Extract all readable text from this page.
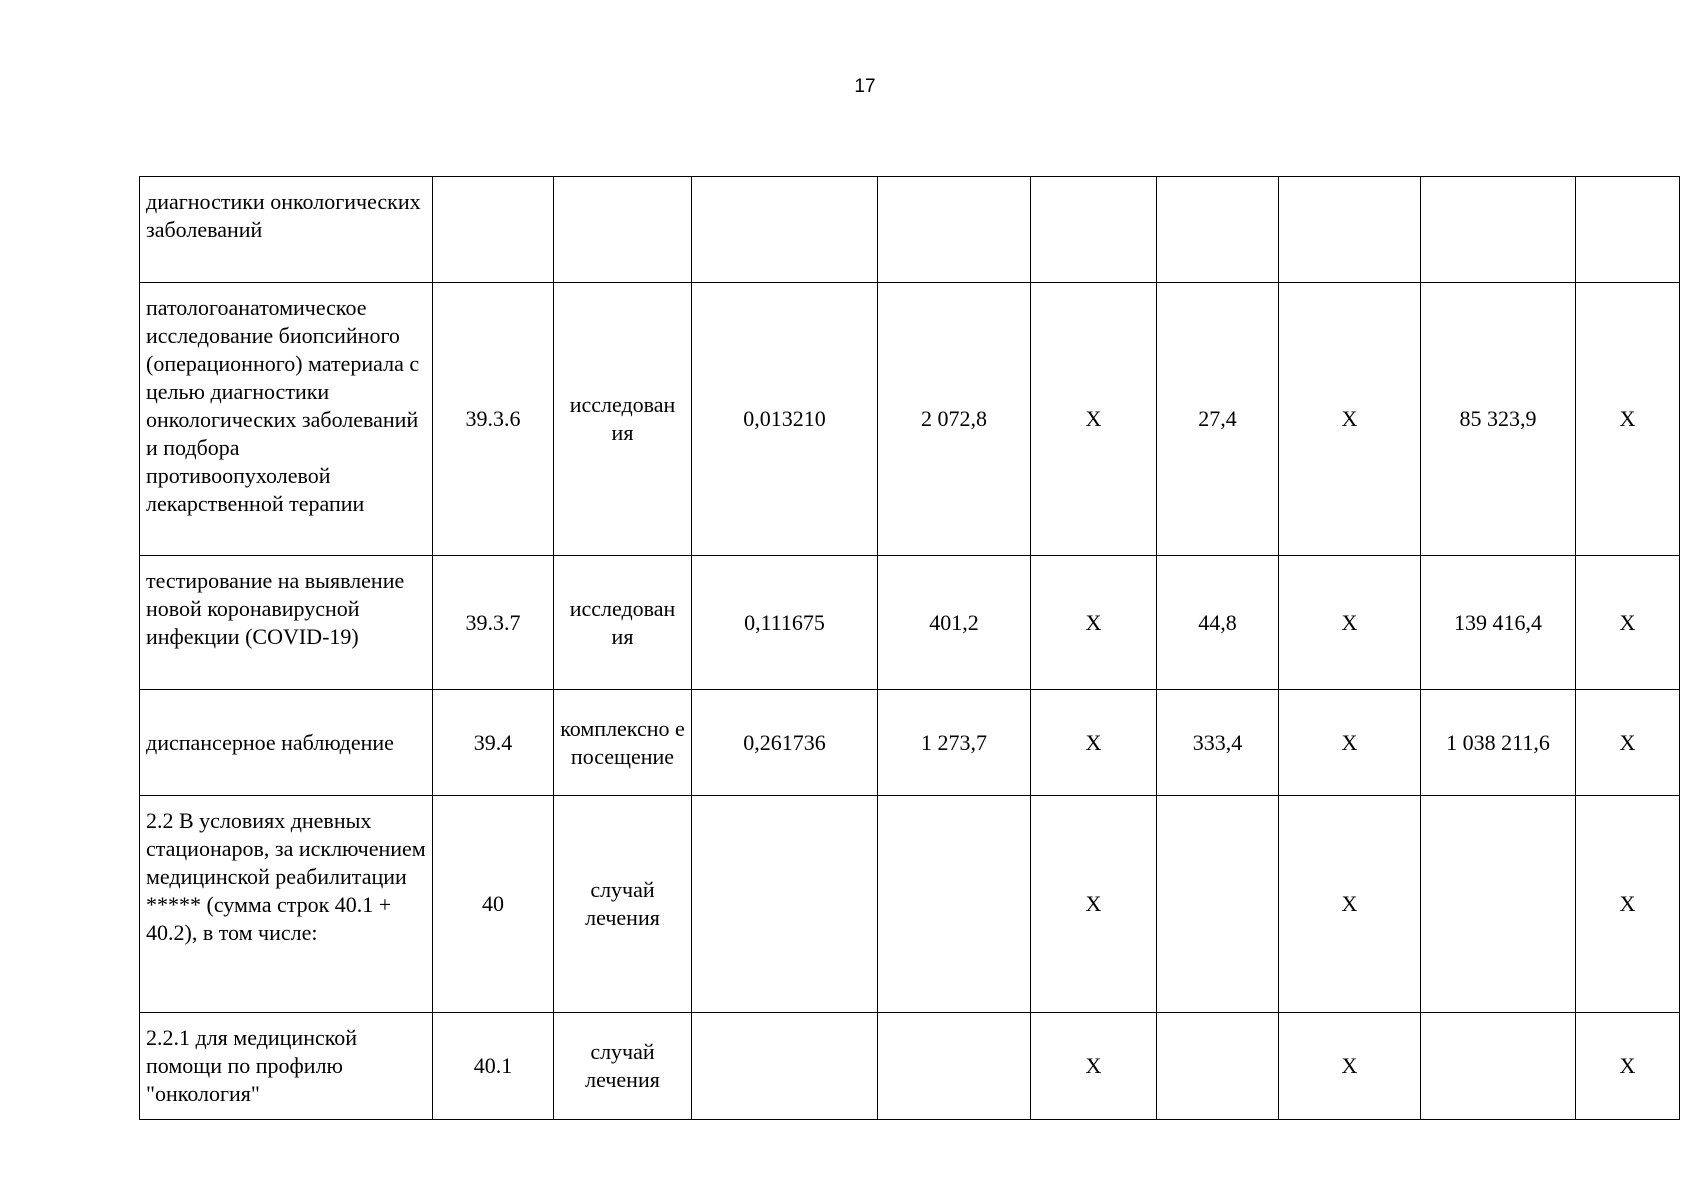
17
диагностики онкологических заболеваний									
патологоанатомическое исследование биопсийного (операционного) материала с целью диагностики онкологических заболеваний и подбора противоопухолевой лекарственной терапии	39.3.6	исследован ия	0,013210	2 072,8	Х	27,4	Х	85 323,9	Х
тестирование на выявление новой коронавирусной инфекции (COVID-19)	39.3.7	исследован ия	0,111675	401,2	Х	44,8	Х	139 416,4	Х
диспансерное наблюдение	39.4	комплексно е посещение	0,261736	1 273,7	Х	333,4	Х	1 038 211,6	Х
2.2 В условиях дневных стационаров, за исключением медицинской реабилитации ***** (сумма строк 40.1 + 40.2), в том числе:	40	случай лечения			Х		Х		Х
2.2.1 для медицинской помощи по профилю "онкология"	40.1	случай лечения			Х		Х		Х
